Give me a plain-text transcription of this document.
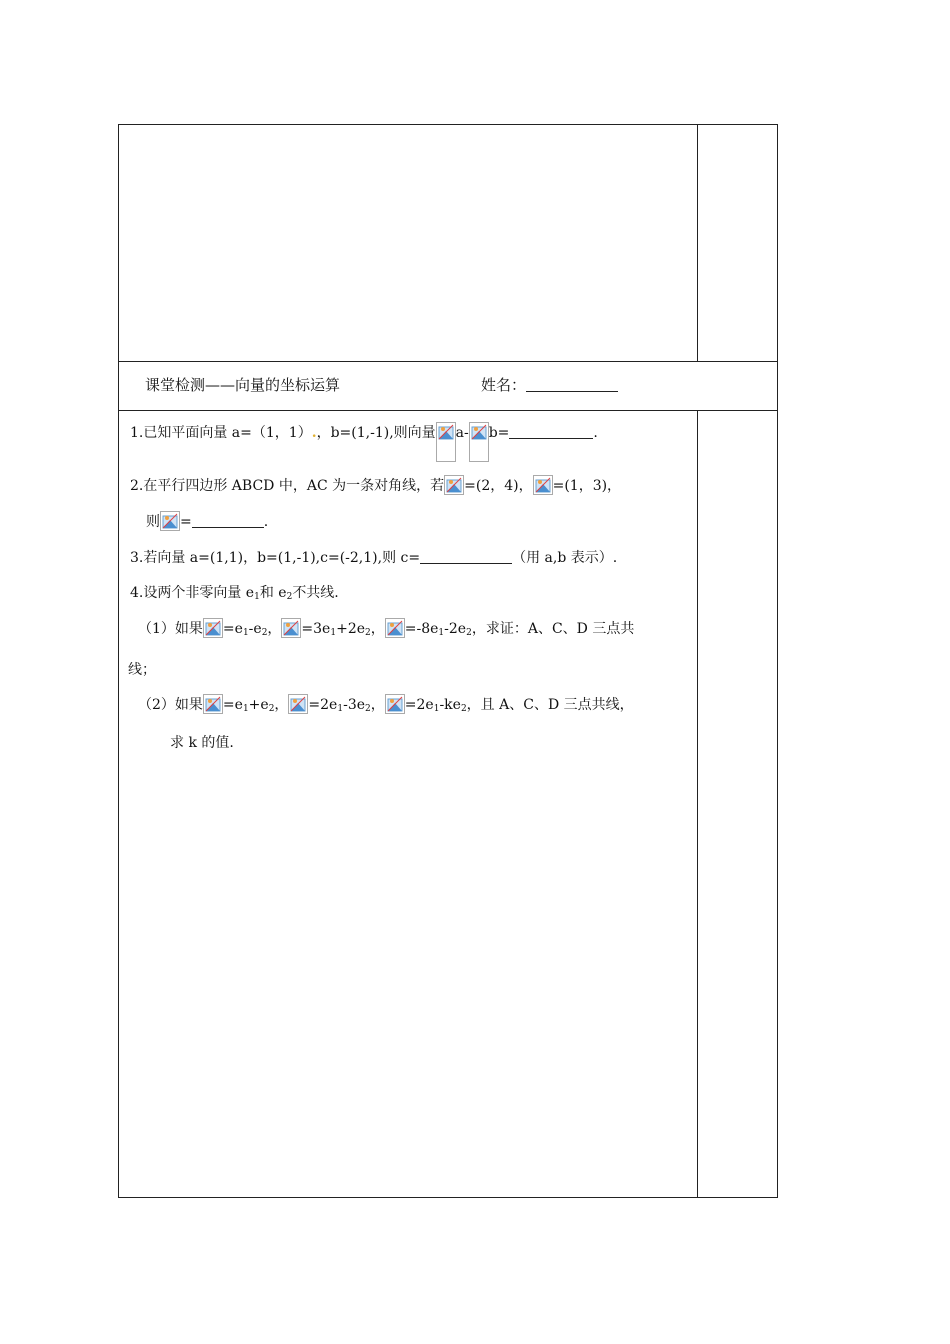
课堂检测——向量的坐标运算	姓名：
1.已知平面向量 a=（1，1）.，b=(1,-1),则向量 a- b=	.
2.在平行四边形 ABCD 中，AC 为一条对角线，若 =(2，4)， =(1，3)，
则 =	.
3.若向量 a=(1,1)，b=(1,-1),c=(-2,1),则 c=	（用 a,b 表示）.
4.设两个非零向量 $e_1$和 $e_2$不共线.
（1）如果 $=e_1-e_2$， $=3e_1+2e_2$， $=-8e_1-2e_2$，求证：A、C、D 三点共
线；
（2）如果 $=e_1+e_2$， $=2e_1-3e_2$， $=2e_1-ke_2$，且 A、C、D 三点共线，
求 k 的值.
